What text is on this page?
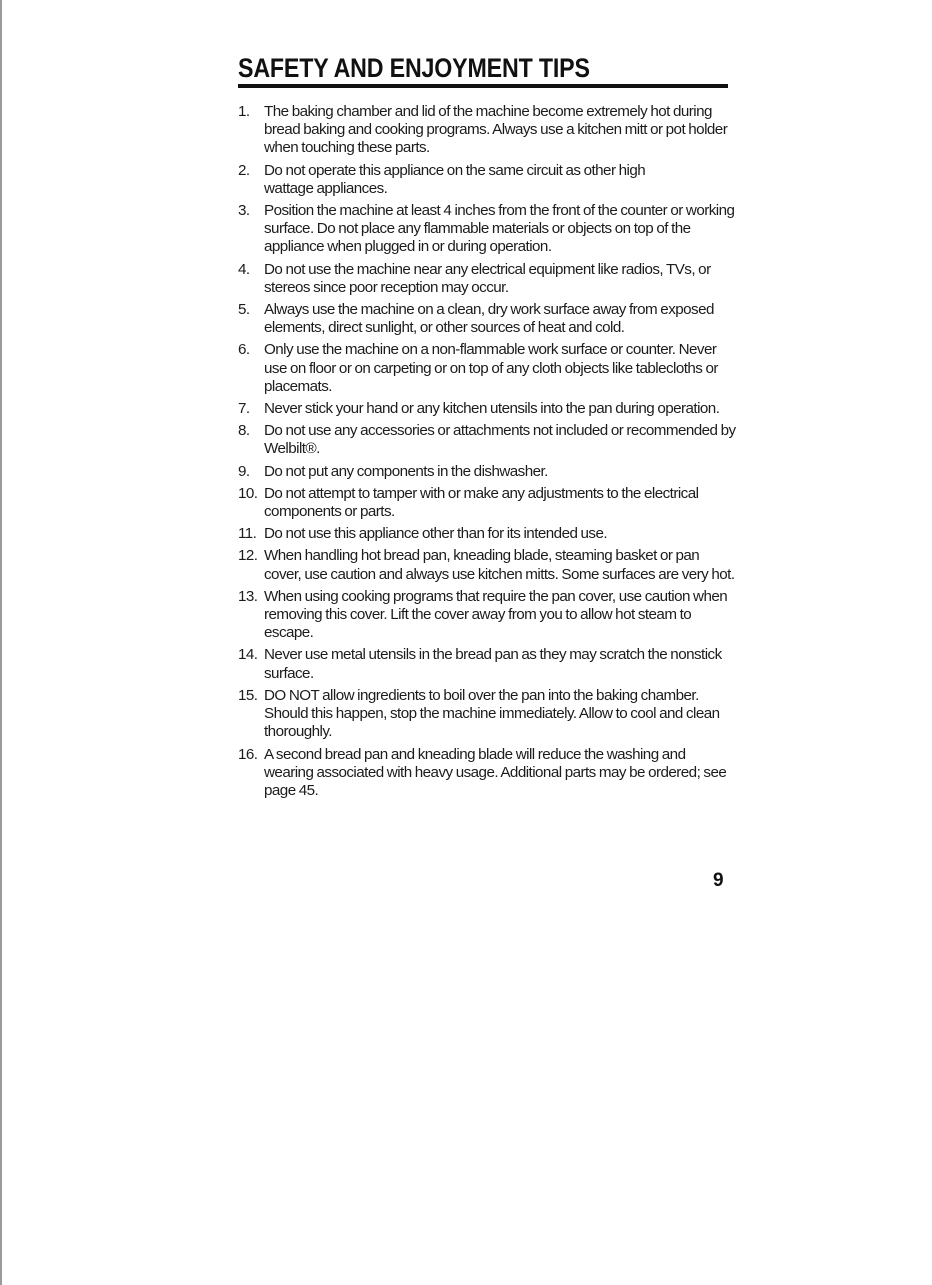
SAFETY AND ENJOYMENT TIPS
1. The baking chamber and lid of the machine become extremely hot during bread baking and cooking programs. Always use a kitchen mitt or pot holder when touching these parts.
2. Do not operate this appliance on the same circuit as other high wattage appliances.
3. Position the machine at least 4 inches from the front of the counter or working surface. Do not place any flammable materials or objects on top of the appliance when plugged in or during operation.
4. Do not use the machine near any electrical equipment like radios, TVs, or stereos since poor reception may occur.
5. Always use the machine on a clean, dry work surface away from exposed elements, direct sunlight, or other sources of heat and cold.
6. Only use the machine on a non-flammable work surface or counter. Never use on floor or on carpeting or on top of any cloth objects like tablecloths or placemats.
7. Never stick your hand or any kitchen utensils into the pan during operation.
8. Do not use any accessories or attachments not included or recommended by Welbilt®.
9. Do not put any components in the dishwasher.
10. Do not attempt to tamper with or make any adjustments to the electrical components or parts.
11. Do not use this appliance other than for its intended use.
12. When handling hot bread pan, kneading blade, steaming basket or pan cover, use caution and always use kitchen mitts. Some surfaces are very hot.
13. When using cooking programs that require the pan cover, use caution when removing this cover. Lift the cover away from you to allow hot steam to escape.
14. Never use metal utensils in the bread pan as they may scratch the nonstick surface.
15. DO NOT allow ingredients to boil over the pan into the baking chamber. Should this happen, stop the machine immediately. Allow to cool and clean thoroughly.
16. A second bread pan and kneading blade will reduce the washing and wearing associated with heavy usage. Additional parts may be ordered; see page 45.
9
